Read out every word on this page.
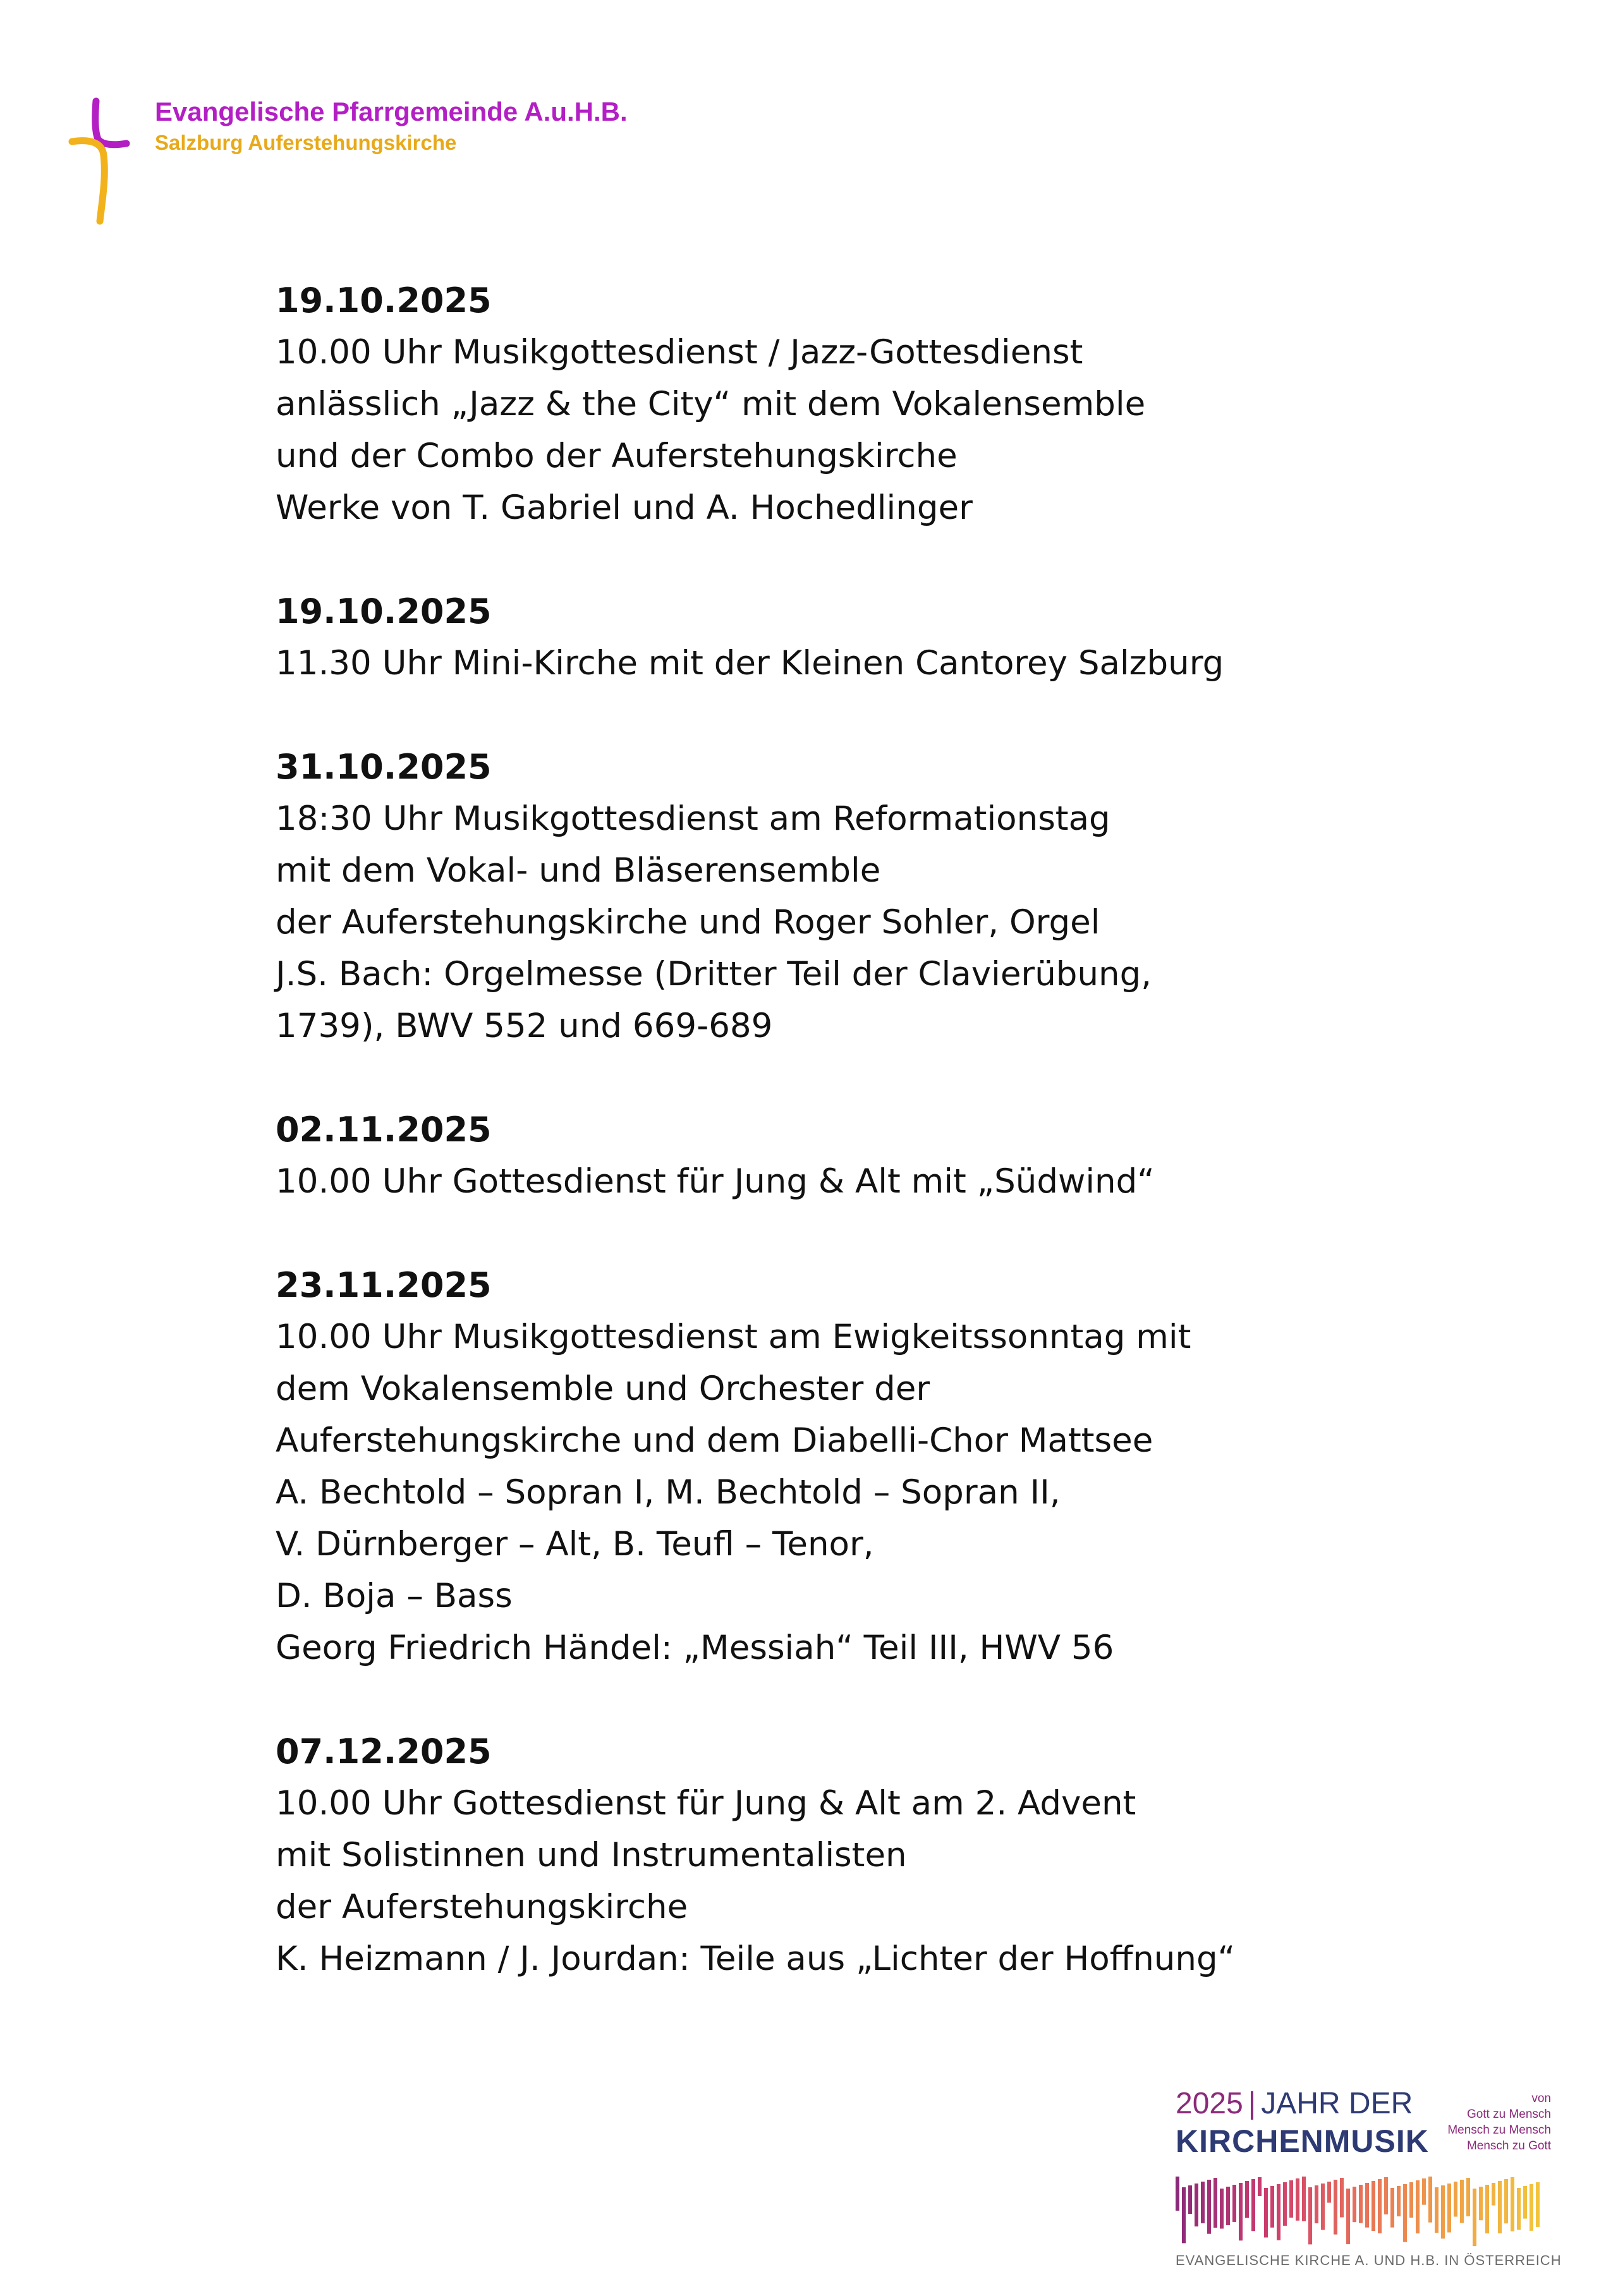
Evangelische Pfarrgemeinde A.u.H.B.
Salzburg Auferstehungskirche
19.10.2025
10.00 Uhr Musikgottesdienst / Jazz-Gottesdienst
anlässlich „Jazz & the City“ mit dem Vokalensemble
und der Combo der Auferstehungskirche
Werke von T. Gabriel und A. Hochedlinger
19.10.2025
11.30 Uhr Mini-Kirche mit der Kleinen Cantorey Salzburg
31.10.2025
18:30 Uhr Musikgottesdienst am Reformationstag
mit dem Vokal- und Bläserensemble
der Auferstehungskirche und Roger Sohler, Orgel
J.S. Bach: Orgelmesse (Dritter Teil der Clavierübung,
1739), BWV 552 und 669-689
02.11.2025
10.00 Uhr Gottesdienst für Jung & Alt mit „Südwind“
23.11.2025
10.00 Uhr Musikgottesdienst am Ewigkeitssonntag mit
dem Vokalensemble und Orchester der
Auferstehungskirche und dem Diabelli-Chor Mattsee
A. Bechtold – Sopran I, M. Bechtold – Sopran II,
V. Dürnberger – Alt, B. Teufl – Tenor,
D. Boja – Bass
Georg Friedrich Händel: „Messiah“ Teil III, HWV 56
07.12.2025
10.00 Uhr Gottesdienst für Jung & Alt am 2. Advent
mit Solistinnen und Instrumentalisten
der Auferstehungskirche
K. Heizmann / J. Jourdan: Teile aus „Lichter der Hoffnung“
2025 | JAHR DER
KIRCHENMUSIK
von
Gott zu Mensch
Mensch zu Mensch
Mensch zu Gott
EVANGELISCHE KIRCHE A. UND H.B. IN ÖSTERREICH
